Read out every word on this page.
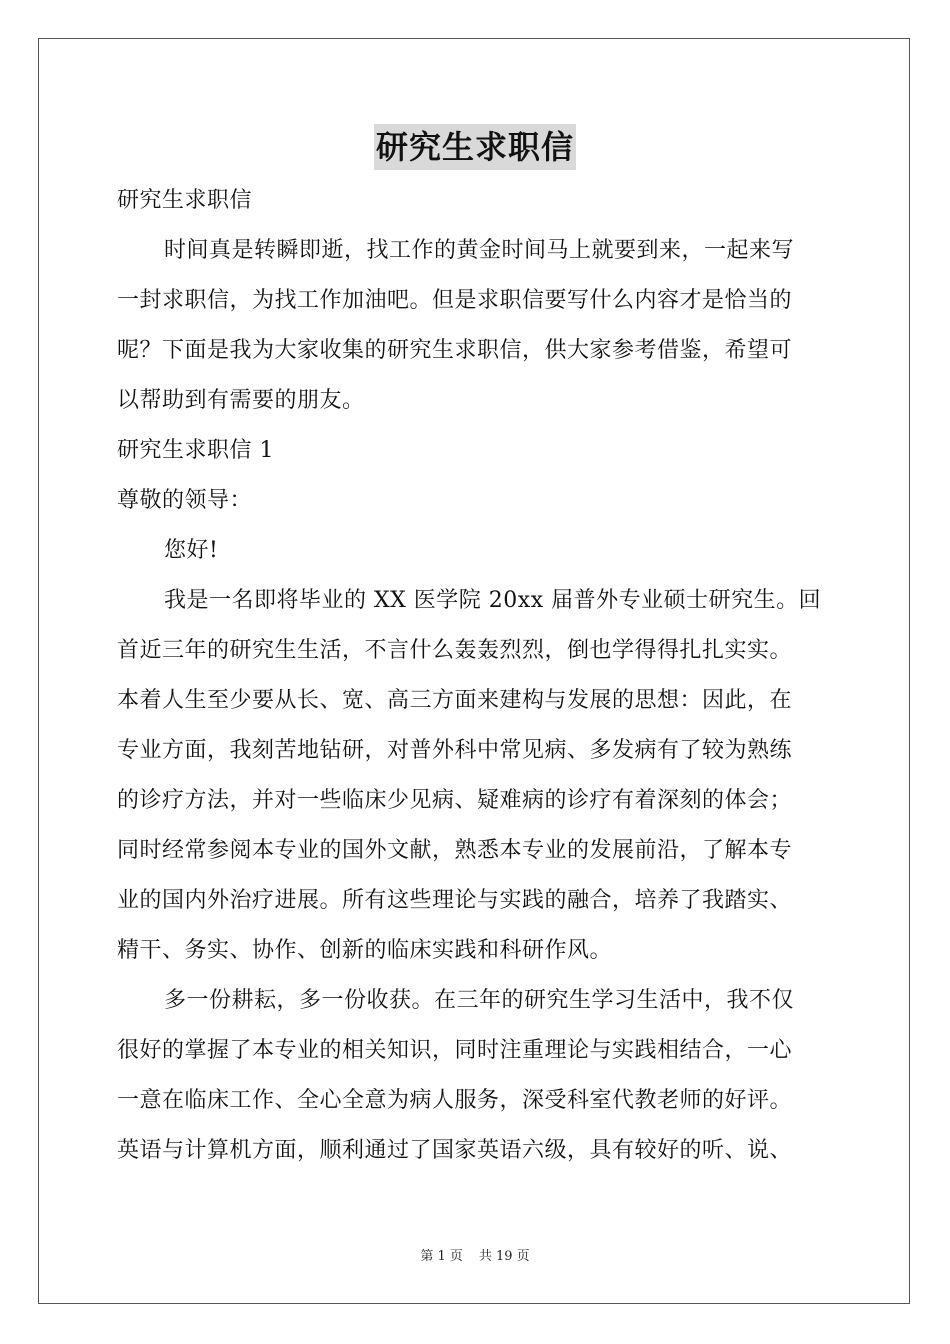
研究生求职信
研究生求职信
时间真是转瞬即逝，找工作的黄金时间马上就要到来，一起来写
一封求职信，为找工作加油吧。但是求职信要写什么内容才是恰当的
呢？下面是我为大家收集的研究生求职信，供大家参考借鉴，希望可
以帮助到有需要的朋友。
研究生求职信 1
尊敬的领导：
您好!
我是一名即将毕业的 XX 医学院 20xx 届普外专业硕士研究生。回
首近三年的研究生生活，不言什么轰轰烈烈，倒也学得得扎扎实实。
本着人生至少要从长、宽、高三方面来建构与发展的思想：因此，在
专业方面，我刻苦地钻研，对普外科中常见病、多发病有了较为熟练
的诊疗方法，并对一些临床少见病、疑难病的诊疗有着深刻的体会；
同时经常参阅本专业的国外文献，熟悉本专业的发展前沿，了解本专
业的国内外治疗进展。所有这些理论与实践的融合，培养了我踏实、
精干、务实、协作、创新的临床实践和科研作风。
多一份耕耘，多一份收获。在三年的研究生学习生活中，我不仅
很好的掌握了本专业的相关知识，同时注重理论与实践相结合，一心
一意在临床工作、全心全意为病人服务，深受科室代教老师的好评。
英语与计算机方面，顺利通过了国家英语六级，具有较好的听、说、
第 1 页 共 19 页
